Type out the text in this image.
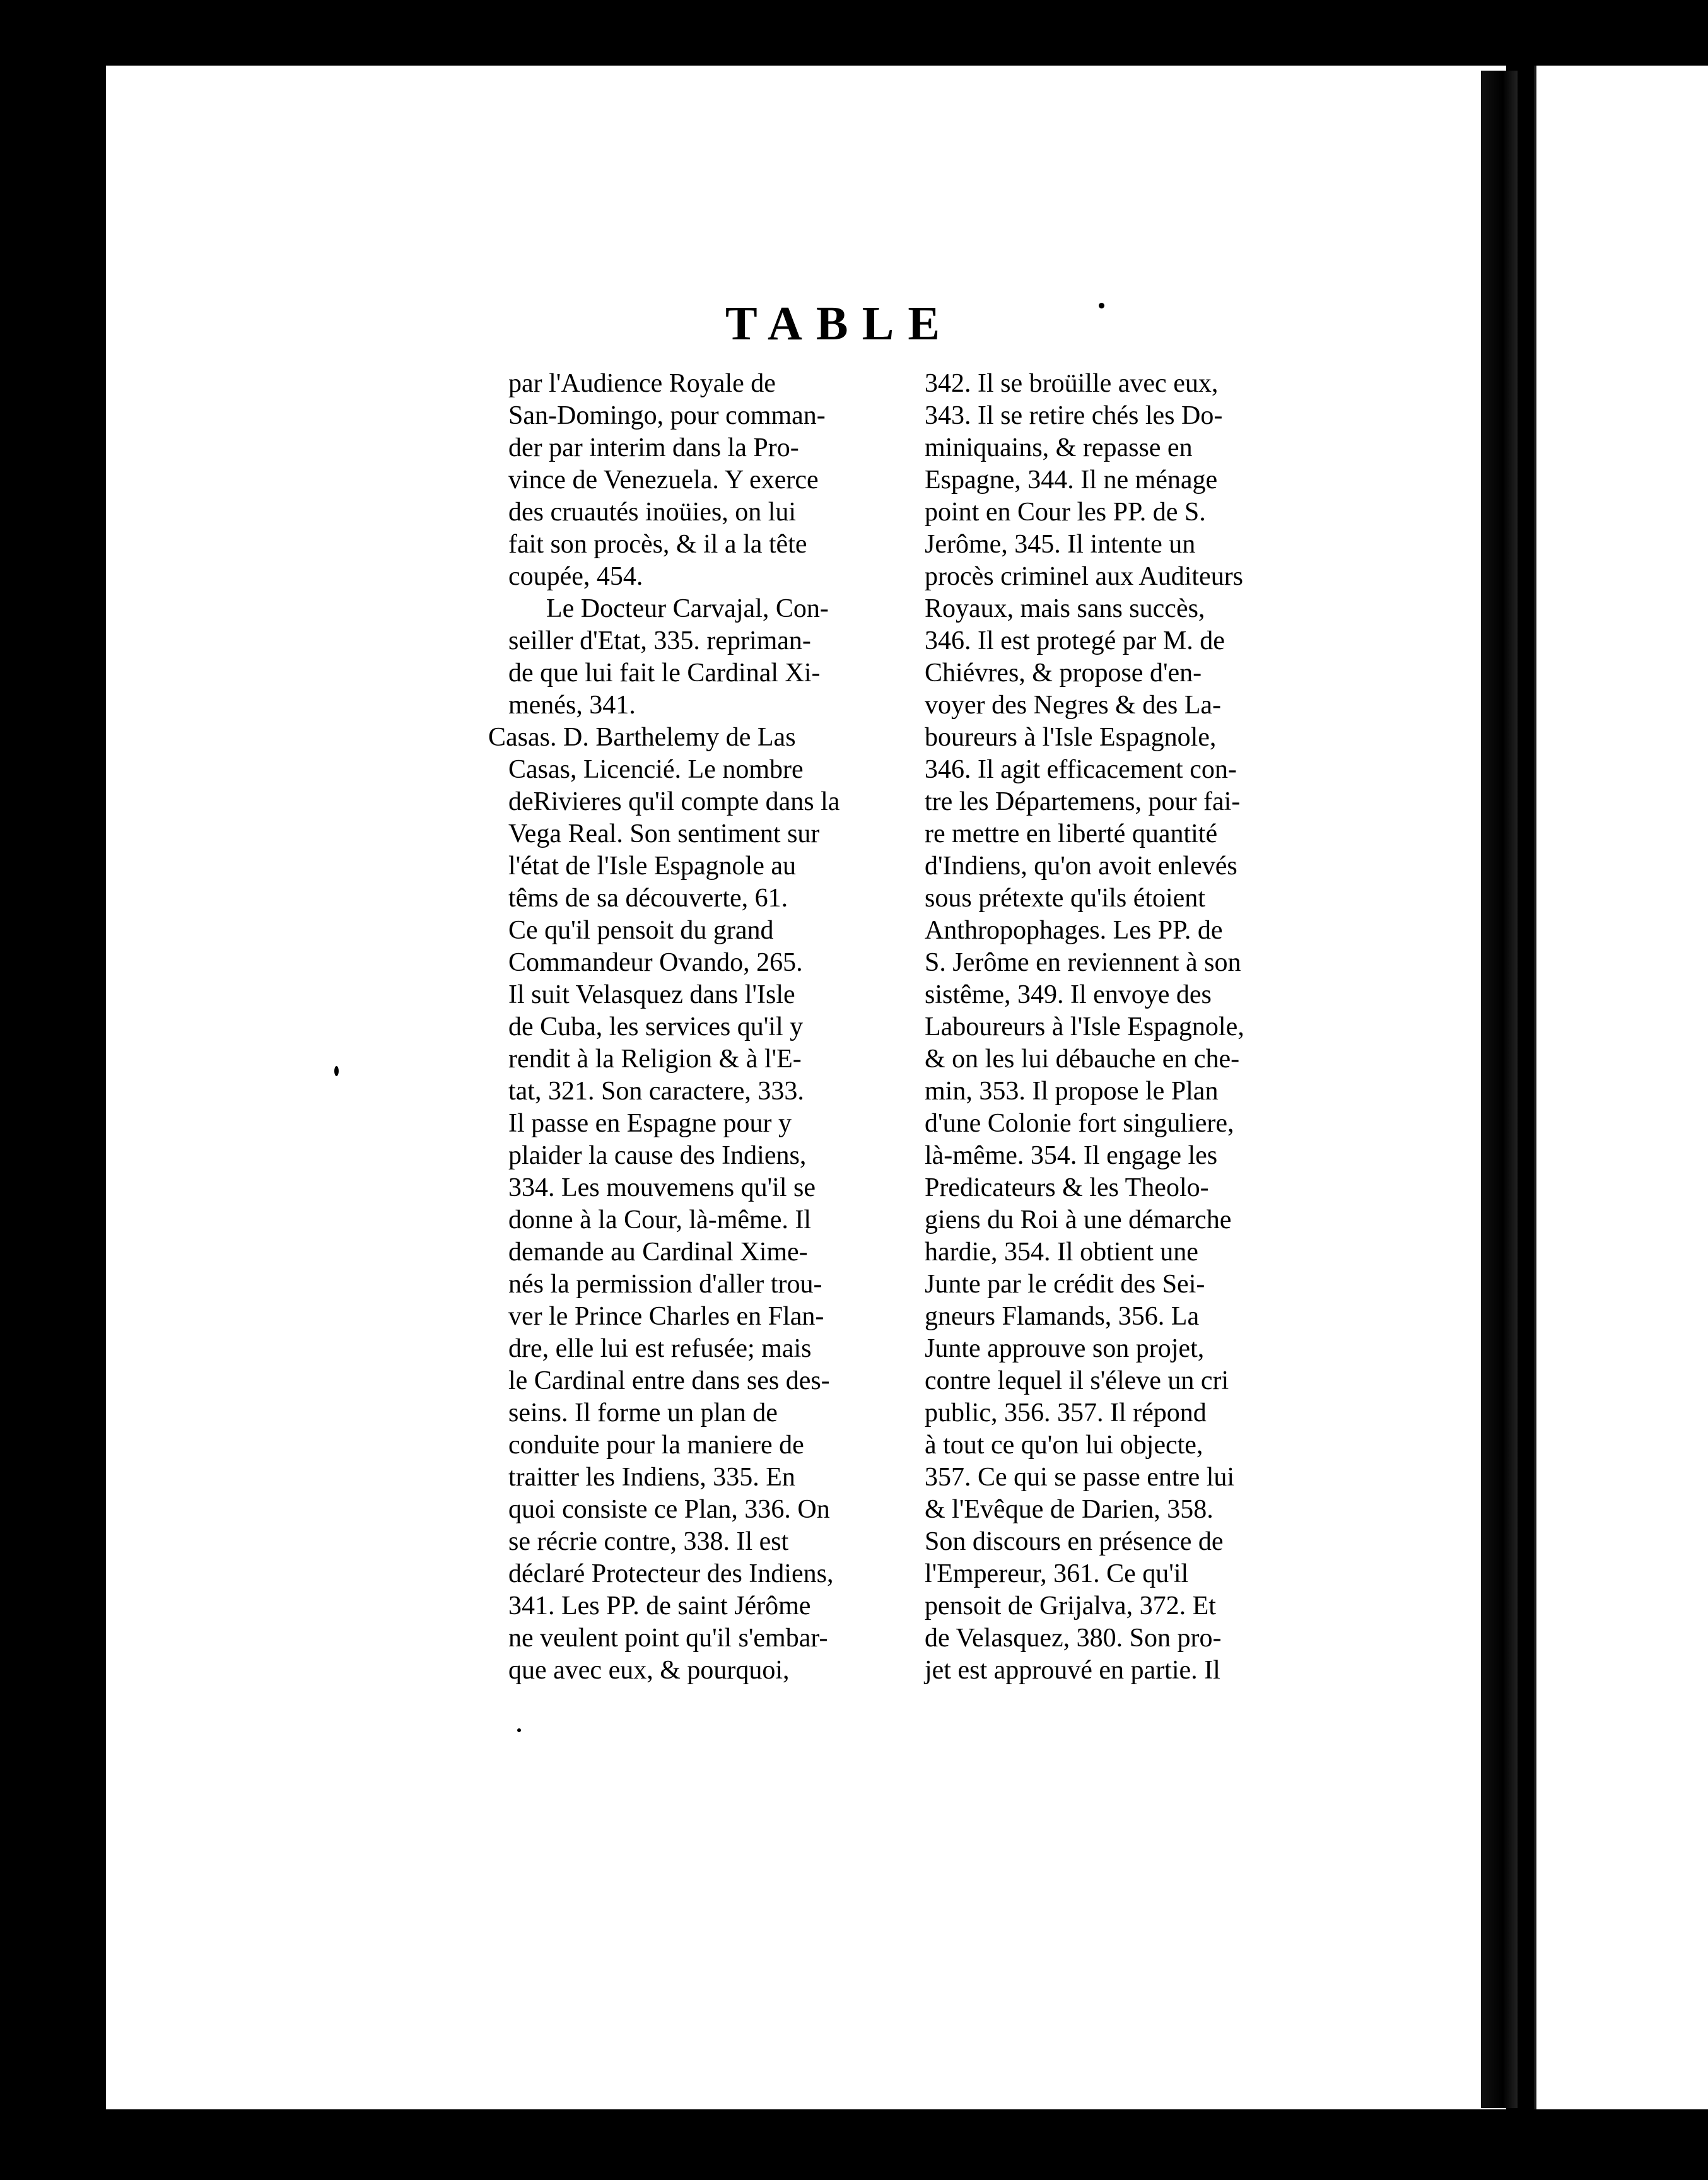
TABLE
par l'Audience Royale de
San-Domingo, pour comman-
der par interim dans la Pro-
vince de Venezuela. Y exerce
des cruautés inoüies, on lui
fait son procès, & il a la tête
coupée, 454.
Le Docteur Carvajal, Con-
seiller d'Etat, 335. repriman-
de que lui fait le Cardinal Xi-
menés, 341.
Casas. D. Barthelemy de Las
Casas, Licencié. Le nombre
deRivieres qu'il compte dans la
Vega Real. Son sentiment sur
l'état de l'Isle Espagnole au
têms de sa découverte, 61.
Ce qu'il pensoit du grand
Commandeur Ovando, 265.
Il suit Velasquez dans l'Isle
de Cuba, les services qu'il y
rendit à la Religion & à l'E-
tat, 321. Son caractere, 333.
Il passe en Espagne pour y
plaider la cause des Indiens,
334. Les mouvemens qu'il se
donne à la Cour, là-même. Il
demande au Cardinal Xime-
nés la permission d'aller trou-
ver le Prince Charles en Flan-
dre, elle lui est refusée; mais
le Cardinal entre dans ses des-
seins. Il forme un plan de
conduite pour la maniere de
traitter les Indiens, 335. En
quoi consiste ce Plan, 336. On
se récrie contre, 338. Il est
déclaré Protecteur des Indiens,
341. Les PP. de saint Jérôme
ne veulent point qu'il s'embar-
que avec eux, & pourquoi,
342. Il se broüille avec eux,
343. Il se retire chés les Do-
miniquains, & repasse en
Espagne, 344. Il ne ménage
point en Cour les PP. de S.
Jerôme, 345. Il intente un
procès criminel aux Auditeurs
Royaux, mais sans succès,
346. Il est protegé par M. de
Chiévres, & propose d'en-
voyer des Negres & des La-
boureurs à l'Isle Espagnole,
346. Il agit efficacement con-
tre les Départemens, pour fai-
re mettre en liberté quantité
d'Indiens, qu'on avoit enlevés
sous prétexte qu'ils étoient
Anthropophages. Les PP. de
S. Jerôme en reviennent à son
sistême, 349. Il envoye des
Laboureurs à l'Isle Espagnole,
& on les lui débauche en che-
min, 353. Il propose le Plan
d'une Colonie fort singuliere,
là-même. 354. Il engage les
Predicateurs & les Theolo-
giens du Roi à une démarche
hardie, 354. Il obtient une
Junte par le crédit des Sei-
gneurs Flamands, 356. La
Junte approuve son projet,
contre lequel il s'éleve un cri
public, 356. 357. Il répond
à tout ce qu'on lui objecte,
357. Ce qui se passe entre lui
& l'Evêque de Darien, 358.
Son discours en présence de
l'Empereur, 361. Ce qu'il
pensoit de Grijalva, 372. Et
de Velasquez, 380. Son pro-
jet est approuvé en partie. Il
